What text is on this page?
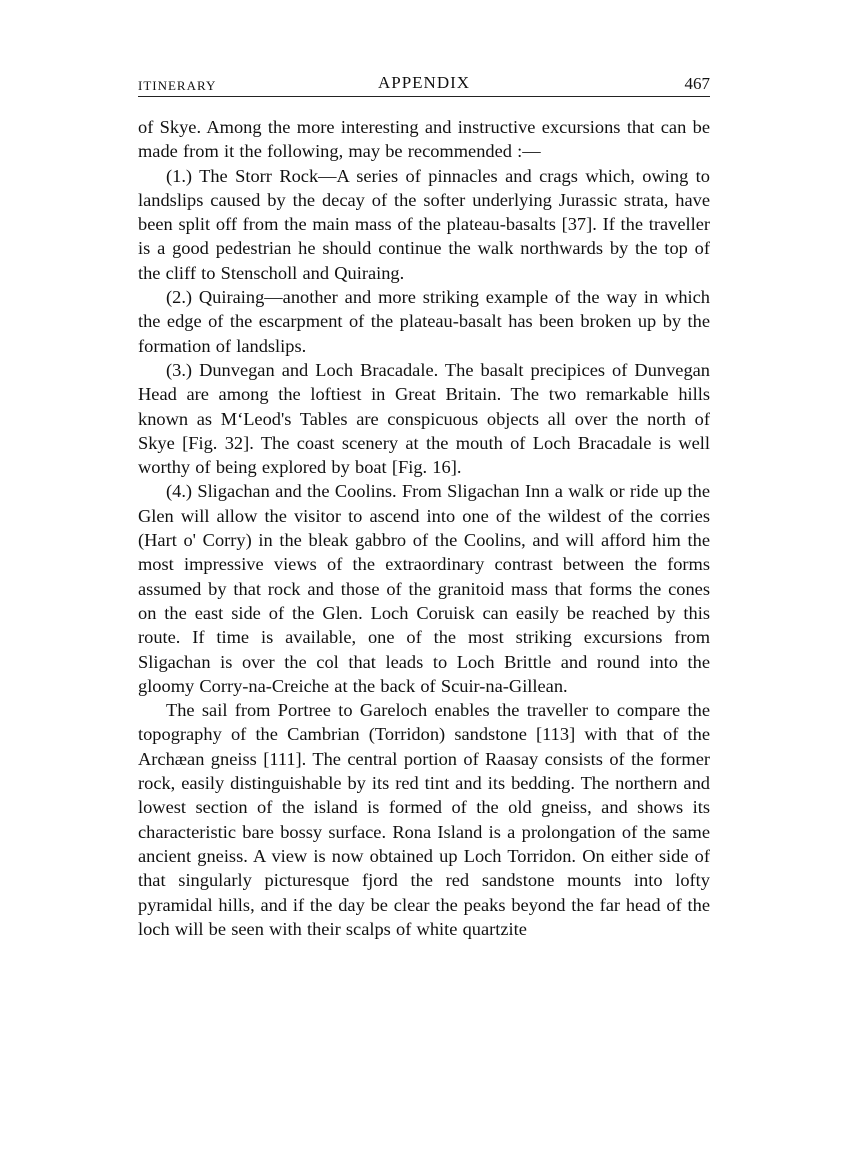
ITINERARY	APPENDIX	467

of Skye. Among the more interesting and instructive excursions that can be made from it the following, may be recommended :—

(1.) The Storr Rock—A series of pinnacles and crags which, owing to landslips caused by the decay of the softer underlying Jurassic strata, have been split off from the main mass of the plateau-basalts [37]. If the traveller is a good pedestrian he should continue the walk northwards by the top of the cliff to Stenscholl and Quiraing.

(2.) Quiraing—another and more striking example of the way in which the edge of the escarpment of the plateau-basalt has been broken up by the formation of landslips.

(3.) Dunvegan and Loch Bracadale. The basalt precipices of Dunvegan Head are among the loftiest in Great Britain. The two remarkable hills known as M‘Leod's Tables are conspicuous objects all over the north of Skye [Fig. 32]. The coast scenery at the mouth of Loch Bracadale is well worthy of being explored by boat [Fig. 16].

(4.) Sligachan and the Coolins. From Sligachan Inn a walk or ride up the Glen will allow the visitor to ascend into one of the wildest of the corries (Hart o' Corry) in the bleak gabbro of the Coolins, and will afford him the most impressive views of the extraordinary contrast between the forms assumed by that rock and those of the granitoid mass that forms the cones on the east side of the Glen. Loch Coruisk can easily be reached by this route. If time is available, one of the most striking excursions from Sligachan is over the col that leads to Loch Brittle and round into the gloomy Corry-na-Creiche at the back of Scuir-na-Gillean.

The sail from Portree to Gareloch enables the traveller to compare the topography of the Cambrian (Torridon) sandstone [113] with that of the Archæan gneiss [111]. The central portion of Raasay consists of the former rock, easily distinguishable by its red tint and its bedding. The northern and lowest section of the island is formed of the old gneiss, and shows its characteristic bare bossy surface. Rona Island is a prolongation of the same ancient gneiss. A view is now obtained up Loch Torridon. On either side of that singularly picturesque fjord the red sandstone mounts into lofty pyramidal hills, and if the day be clear the peaks beyond the far head of the loch will be seen with their scalps of white quartzite
